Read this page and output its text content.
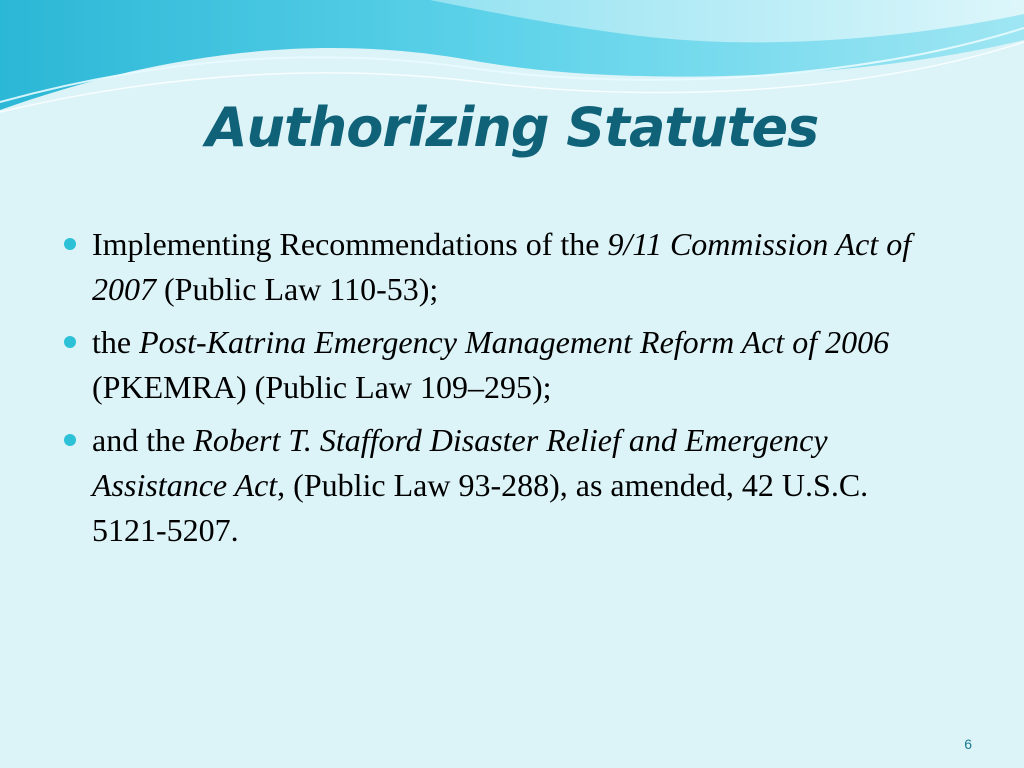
Authorizing Statutes
Implementing Recommendations of the 9/11 Commission Act of 2007 (Public Law 110-53);
the Post-Katrina Emergency Management Reform Act of 2006 (PKEMRA) (Public Law 109–295);
and the Robert T. Stafford Disaster Relief and Emergency Assistance Act, (Public Law 93-288), as amended, 42 U.S.C. 5121-5207.
6
